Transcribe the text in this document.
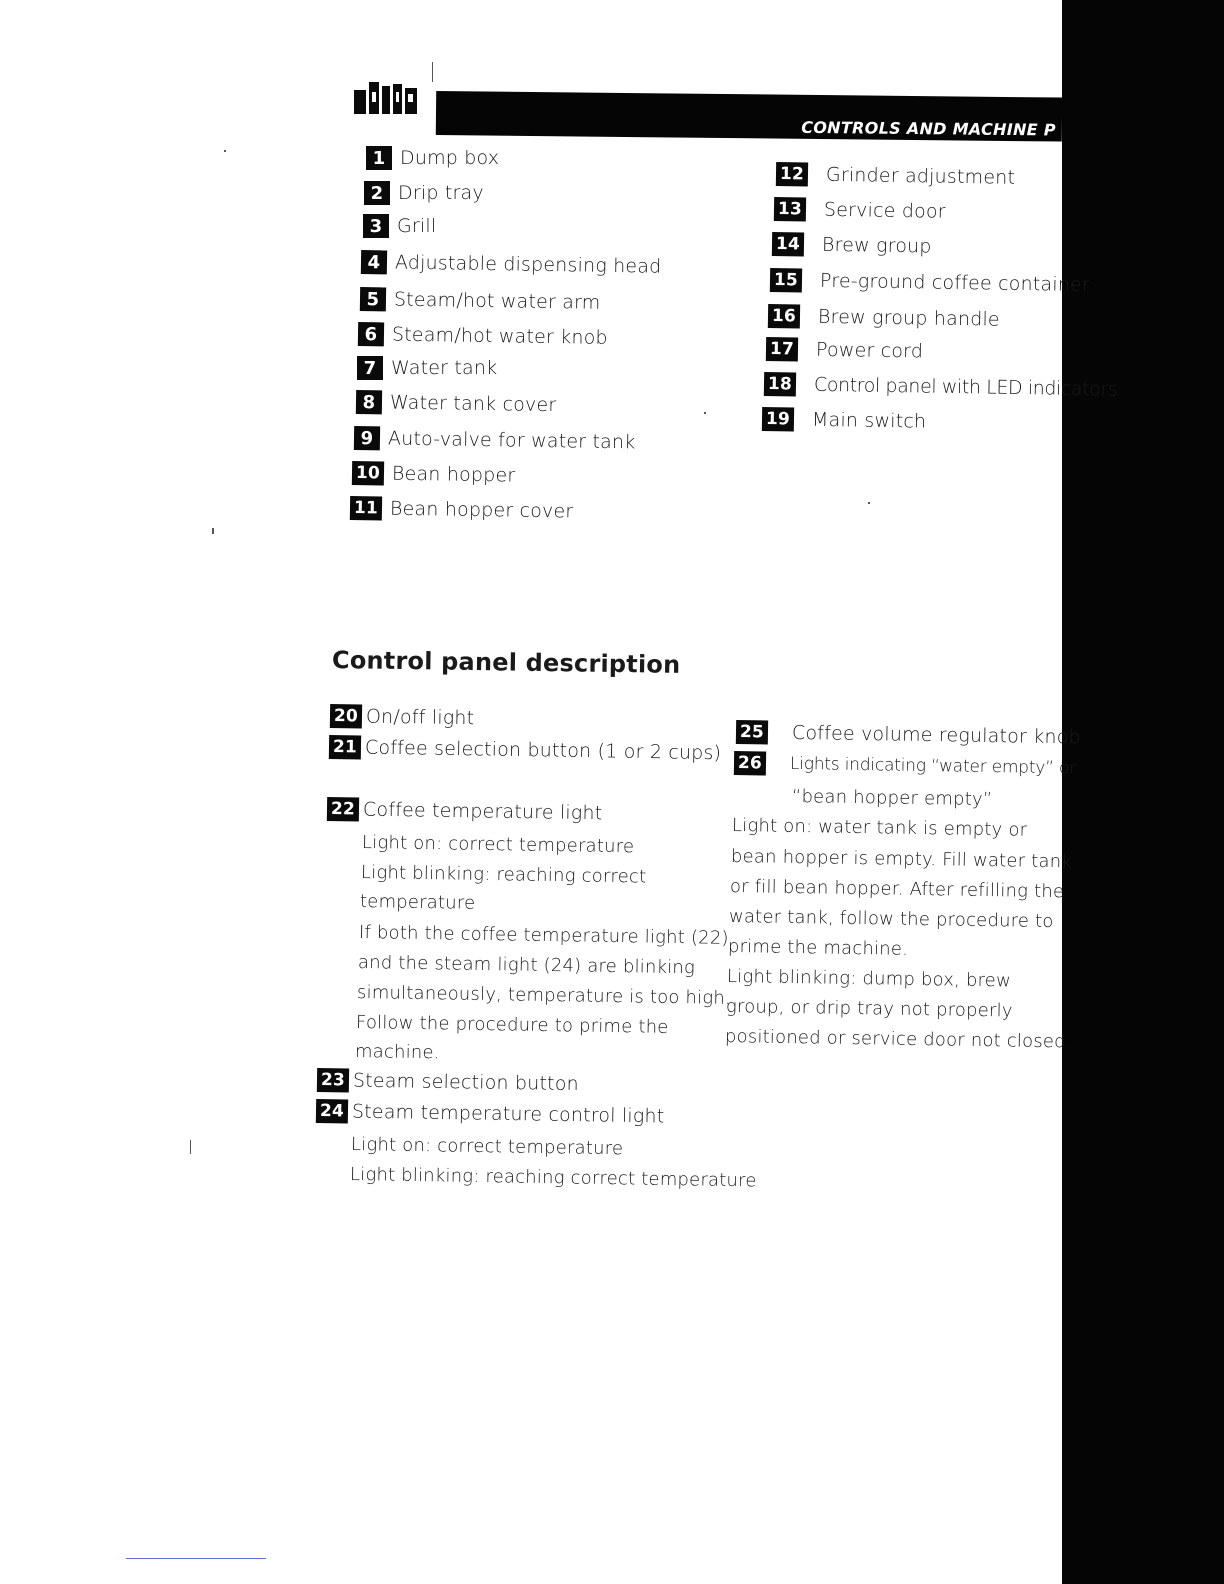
CONTROLS AND MACHINE P
1 Dump box
2 Drip tray
3 Grill
4 Adjustable dispensing head
5 Steam/hot water arm
6 Steam/hot water knob
7 Water tank
8 Water tank cover
9 Auto-valve for water tank
10 Bean hopper
11 Bean hopper cover
12 Grinder adjustment
13 Service door
14 Brew group
15 Pre-ground coffee container
16 Brew group handle
17 Power cord
18 Control panel with LED indicators
19 Main switch
Control panel description
20 On/off light
21 Coffee selection button (1 or 2 cups)
22 Coffee temperature light
Light on: correct temperature
Light blinking: reaching correct
temperature
If both the coffee temperature light (22)
and the steam light (24) are blinking
simultaneously, temperature is too high.
Follow the procedure to prime the
machine.
23 Steam selection button
24 Steam temperature control light
Light on: correct temperature
Light blinking: reaching correct temperature
25 Coffee volume regulator knob
26 Lights indicating “water empty” or
“bean hopper empty”
Light on: water tank is empty or
bean hopper is empty. Fill water tank
or fill bean hopper. After refilling the
water tank, follow the procedure to
prime the machine.
Light blinking: dump box, brew
group, or drip tray not properly
positioned or service door not closed.
